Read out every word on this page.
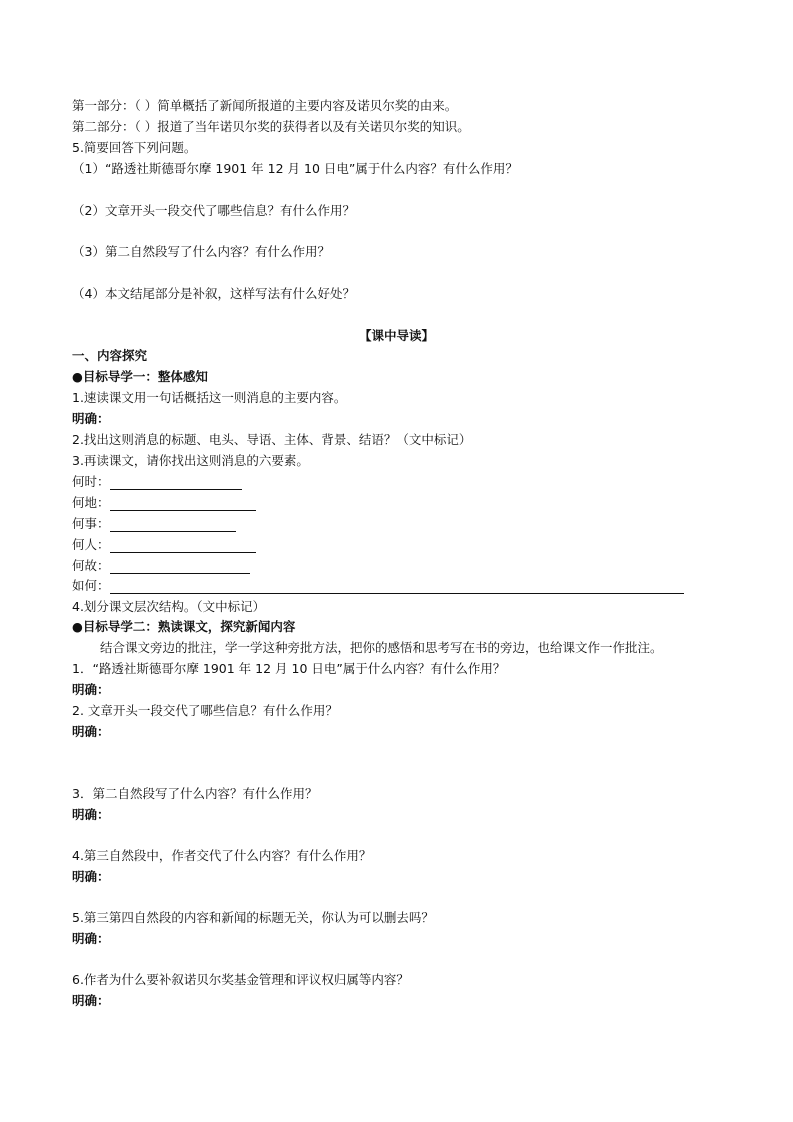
第一部分：（ ）简单概括了新闻所报道的主要内容及诺贝尔奖的由来。
第二部分：（ ）报道了当年诺贝尔奖的获得者以及有关诺贝尔奖的知识。
5.简要回答下列问题。
（1）“路透社斯德哥尔摩 1901 年 12 月 10 日电”属于什么内容？有什么作用？
（2）文章开头一段交代了哪些信息？有什么作用？
（3）第二自然段写了什么内容？有什么作用？
（4）本文结尾部分是补叙，这样写法有什么好处？
【课中导读】
一、内容探究
●目标导学一：整体感知
1.速读课文用一句话概括这一则消息的主要内容。
明确：
2.找出这则消息的标题、电头、导语、主体、背景、结语？（文中标记）
3.再读课文，请你找出这则消息的六要素。
何时：
何地：
何事：
何人：
何故：
如何：
4.划分课文层次结构。（文中标记）
●目标导学二：熟读课文，探究新闻内容
结合课文旁边的批注，学一学这种旁批方法，把你的感悟和思考写在书的旁边，也给课文作一作批注。
1．“路透社斯德哥尔摩 1901 年 12 月 10 日电”属于什么内容？有什么作用？
明确：
2. 文章开头一段交代了哪些信息？有什么作用？
明确：
3．第二自然段写了什么内容？有什么作用？
明确：
4.第三自然段中，作者交代了什么内容？有什么作用？
明确：
5.第三第四自然段的内容和新闻的标题无关，你认为可以删去吗？
明确：
6.作者为什么要补叙诺贝尔奖基金管理和评议权归属等内容？
明确：
